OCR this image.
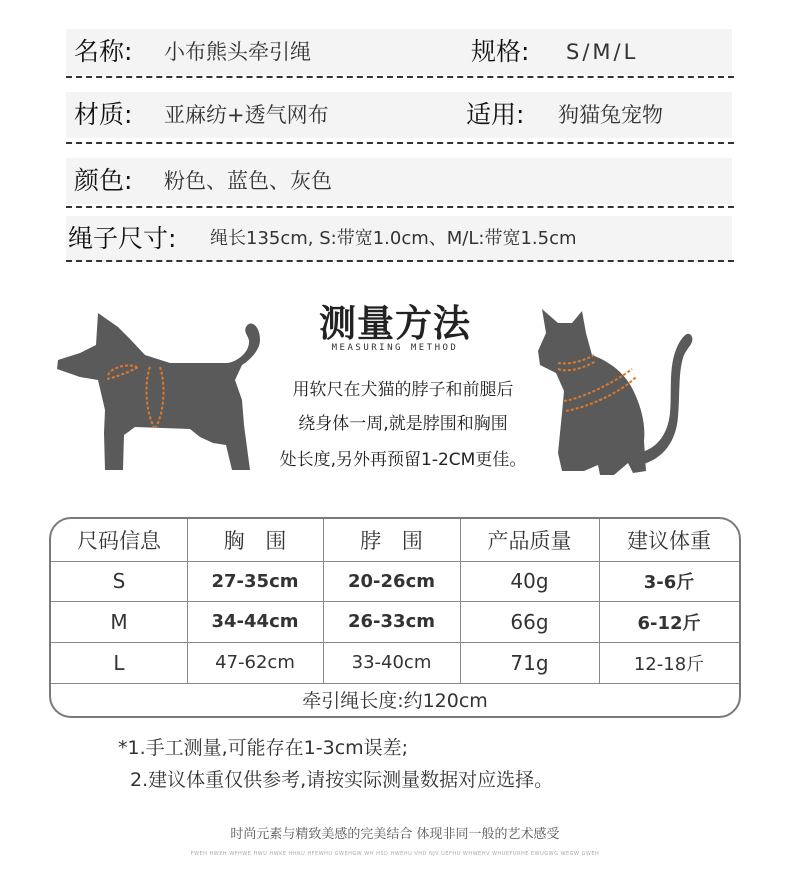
名称: 小布熊头牵引绳	规格: S/M/L
材质: 亚麻纺+透气网布	适用: 狗猫兔宠物
颜色: 粉色、蓝色、灰色
绳子尺寸: 绳长135cm, S:带宽1.0cm、M/L:带宽1.5cm
测量方法
MEASURING METHOD
用软尺在犬猫的脖子和前腿后
绕身体一周,就是脖围和胸围
处长度,另外再预留1-2CM更佳。
尺码信息	胸 围	脖 围	产品质量	建议体重
S	27-35cm	20-26cm	40g	3-6斤
M	34-44cm	26-33cm	66g	6-12斤
L	47-62cm	33-40cm	71g	12-18斤
牵引绳长度:约120cm
*1.手工测量,可能存在1-3cm误差;
2.建议体重仅供参考,请按实际测量数据对应选择。
时尚元素与精致美感的完美结合 体现非同一般的艺术感受
FWEH HWEH WFHWE HWU HWKE HHRU HFEWHU GWEHGW WH HSD HWEHU VHD NJV UEFHU WHWEHV WHUEFURHE EWUGWG WEGW GWEH
